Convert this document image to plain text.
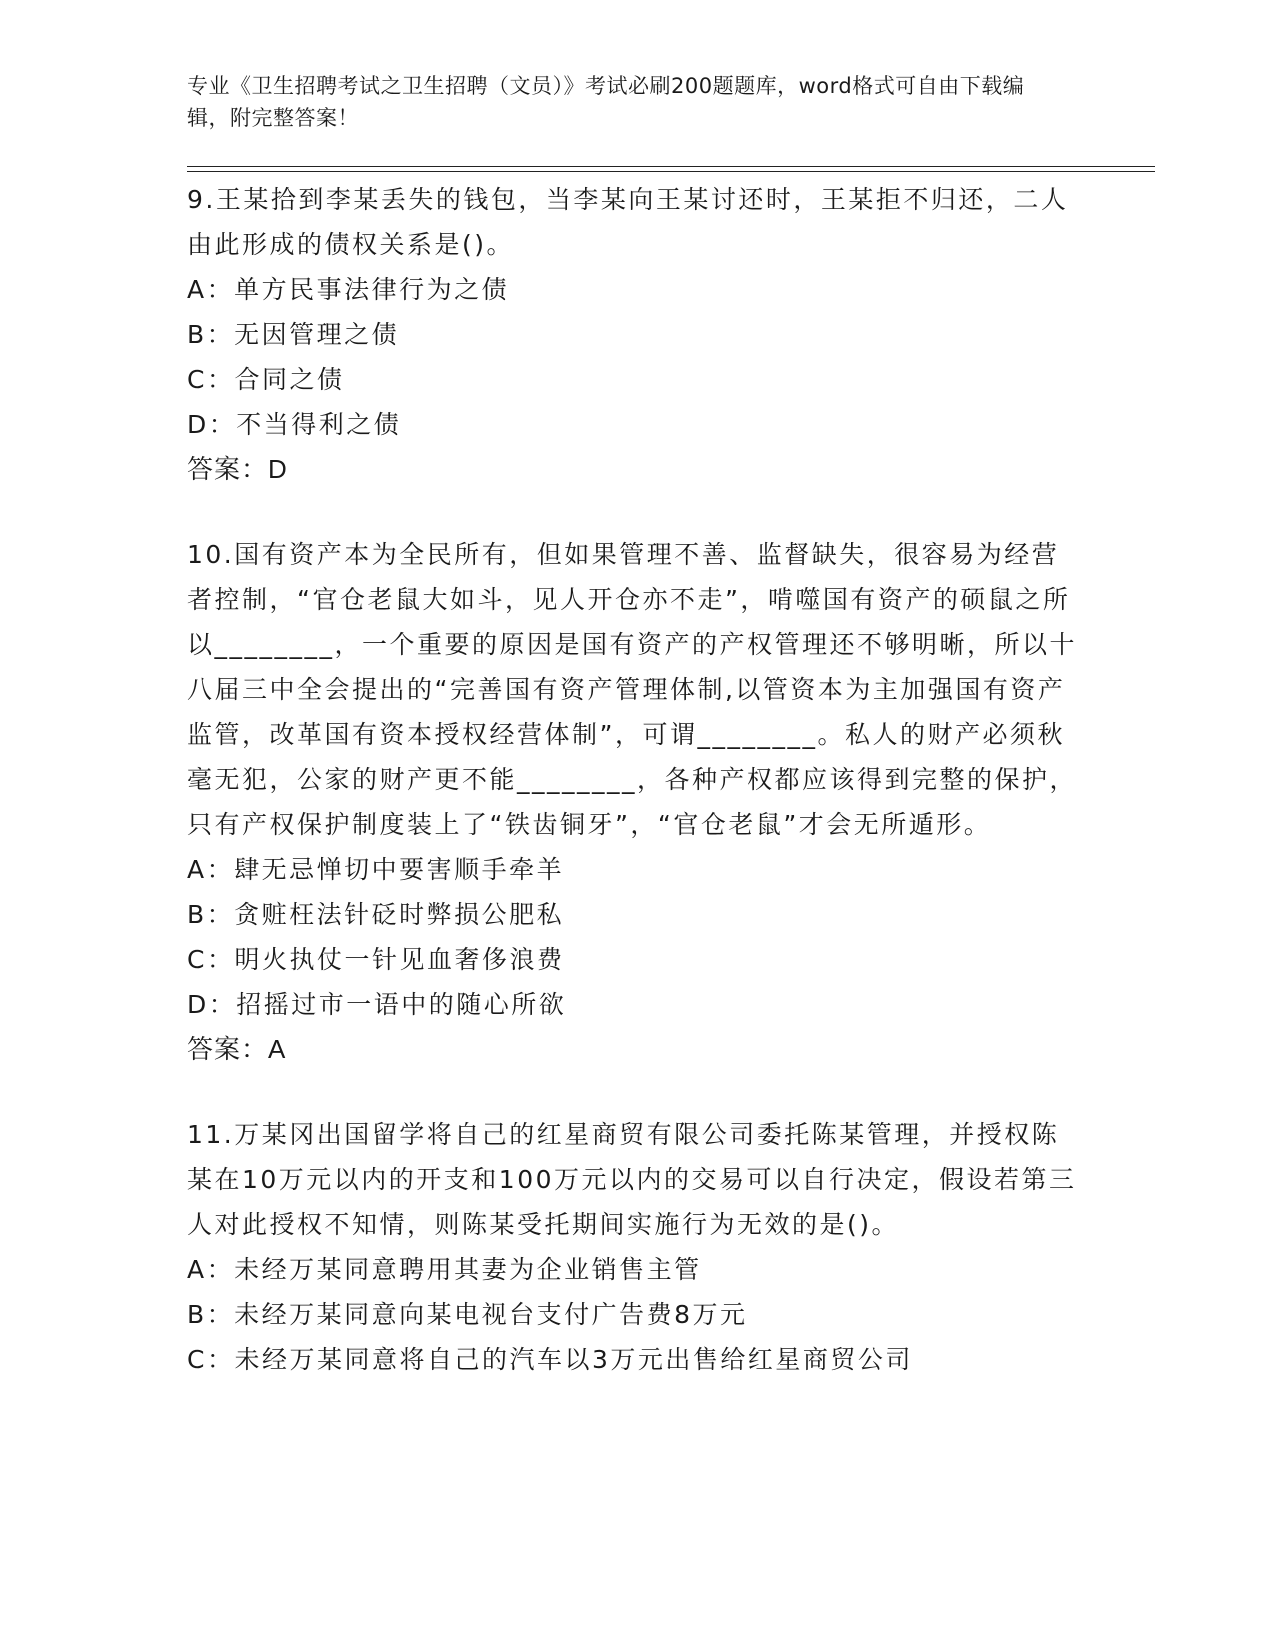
专业《卫生招聘考试之卫生招聘（文员）》考试必刷200题题库，word格式可自由下载编辑，附完整答案！
9.王某拾到李某丢失的钱包，当李某向王某讨还时，王某拒不归还，二人由此形成的债权关系是()。
A：单方民事法律行为之债
B：无因管理之债
C：合同之债
D：不当得利之债
答案：D
10.国有资产本为全民所有，但如果管理不善、监督缺失，很容易为经营者控制，“官仓老鼠大如斗，见人开仓亦不走”，啃噬国有资产的硕鼠之所以________，一个重要的原因是国有资产的产权管理还不够明晰，所以十八届三中全会提出的“完善国有资产管理体制,以管资本为主加强国有资产监管，改革国有资本授权经营体制”，可谓________。私人的财产必须秋毫无犯，公家的财产更不能________，各种产权都应该得到完整的保护，只有产权保护制度装上了“铁齿铜牙”，“官仓老鼠”才会无所遁形。
A：肆无忌惮切中要害顺手牵羊
B：贪赃枉法针砭时弊损公肥私
C：明火执仗一针见血奢侈浪费
D：招摇过市一语中的随心所欲
答案：A
11.万某冈出国留学将自己的红星商贸有限公司委托陈某管理，并授权陈某在10万元以内的开支和100万元以内的交易可以自行决定，假设若第三人对此授权不知情，则陈某受托期间实施行为无效的是()。
A：未经万某同意聘用其妻为企业销售主管
B：未经万某同意向某电视台支付广告费8万元
C：未经万某同意将自己的汽车以3万元出售给红星商贸公司
